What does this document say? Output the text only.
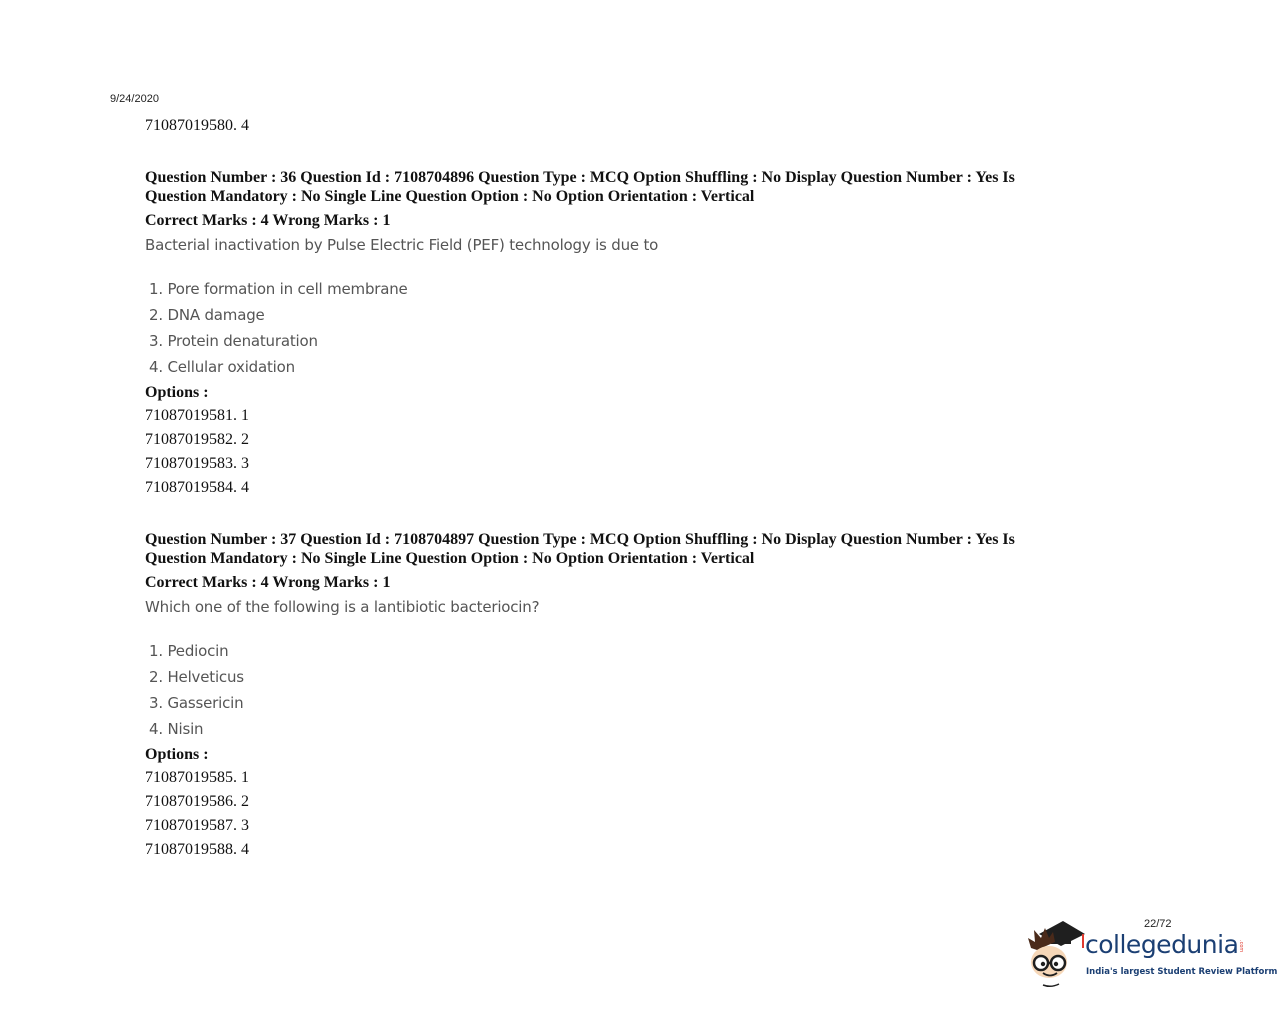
9/24/2020
71087019580. 4
Question Number : 36 Question Id : 7108704896 Question Type : MCQ Option Shuffling : No Display Question Number : Yes Is
Question Mandatory : No Single Line Question Option : No Option Orientation : Vertical
Correct Marks : 4 Wrong Marks : 1
Bacterial inactivation by Pulse Electric Field (PEF) technology is due to
1. Pore formation in cell membrane
2. DNA damage
3. Protein denaturation
4. Cellular oxidation
Options :
71087019581. 1
71087019582. 2
71087019583. 3
71087019584. 4
Question Number : 37 Question Id : 7108704897 Question Type : MCQ Option Shuffling : No Display Question Number : Yes Is
Question Mandatory : No Single Line Question Option : No Option Orientation : Vertical
Correct Marks : 4 Wrong Marks : 1
Which one of the following is a lantibiotic bacteriocin?
1. Pediocin
2. Helveticus
3. Gassericin
4. Nisin
Options :
71087019585. 1
71087019586. 2
71087019587. 3
71087019588. 4
22/72
collegedunia .com
India's largest Student Review Platform
